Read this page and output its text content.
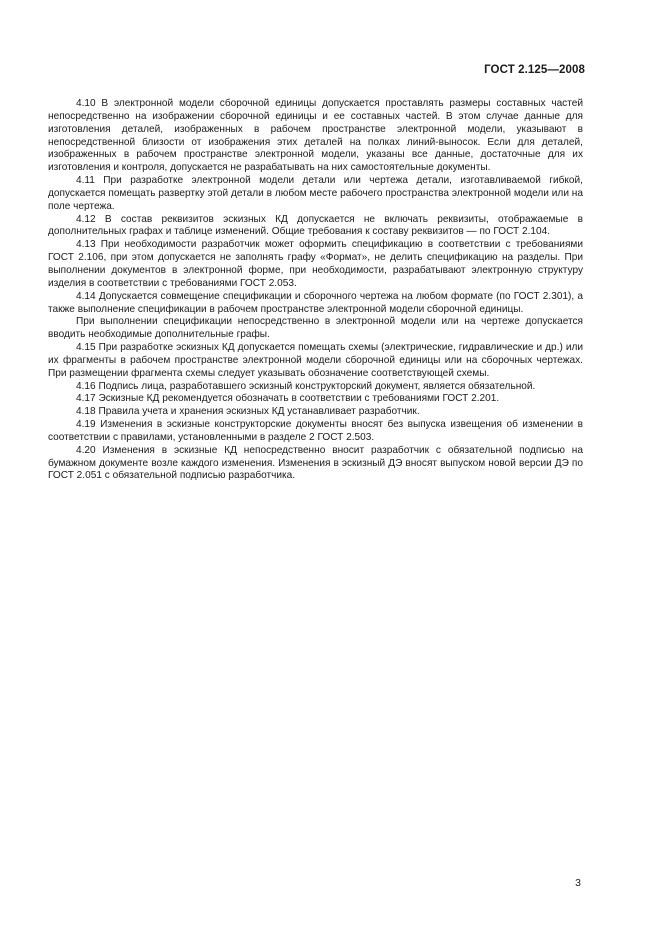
ГОСТ 2.125—2008

4.10 В электронной модели сборочной единицы допускается проставлять размеры составных частей непосредственно на изображении сборочной единицы и ее составных частей. В этом случае данные для изготовления деталей, изображенных в рабочем пространстве электронной модели, указывают в непосредственной близости от изображения этих деталей на полках линий-выносок. Если для деталей, изображенных в рабочем пространстве электронной модели, указаны все данные, достаточные для их изготовления и контроля, допускается не разрабатывать на них самостоятельные документы.

4.11 При разработке электронной модели детали или чертежа детали, изготавливаемой гибкой, допускается помещать развертку этой детали в любом месте рабочего пространства электронной модели или на поле чертежа.

4.12 В состав реквизитов эскизных КД допускается не включать реквизиты, отображаемые в дополнительных графах и таблице изменений. Общие требования к составу реквизитов — по ГОСТ 2.104.

4.13 При необходимости разработчик может оформить спецификацию в соответствии с требованиями ГОСТ 2.106, при этом допускается не заполнять графу «Формат», не делить спецификацию на разделы. При выполнении документов в электронной форме, при необходимости, разрабатывают электронную структуру изделия в соответствии с требованиями ГОСТ 2.053.

4.14 Допускается совмещение спецификации и сборочного чертежа на любом формате (по ГОСТ 2.301), а также выполнение спецификации в рабочем пространстве электронной модели сборочной единицы.

При выполнении спецификации непосредственно в электронной модели или на чертеже допускается вводить необходимые дополнительные графы.

4.15 При разработке эскизных КД допускается помещать схемы (электрические, гидравлические и др.) или их фрагменты в рабочем пространстве электронной модели сборочной единицы или на сборочных чертежах. При размещении фрагмента схемы следует указывать обозначение соответствующей схемы.

4.16 Подпись лица, разработавшего эскизный конструкторский документ, является обязательной.

4.17 Эскизные КД рекомендуется обозначать в соответствии с требованиями ГОСТ 2.201.

4.18 Правила учета и хранения эскизных КД устанавливает разработчик.

4.19 Изменения в эскизные конструкторские документы вносят без выпуска извещения об изменении в соответствии с правилами, установленными в разделе 2 ГОСТ 2.503.

4.20 Изменения в эскизные КД непосредственно вносит разработчик с обязательной подписью на бумажном документе возле каждого изменения. Изменения в эскизный ДЭ вносят выпуском новой версии ДЭ по ГОСТ 2.051 с обязательной подписью разработчика.

3
